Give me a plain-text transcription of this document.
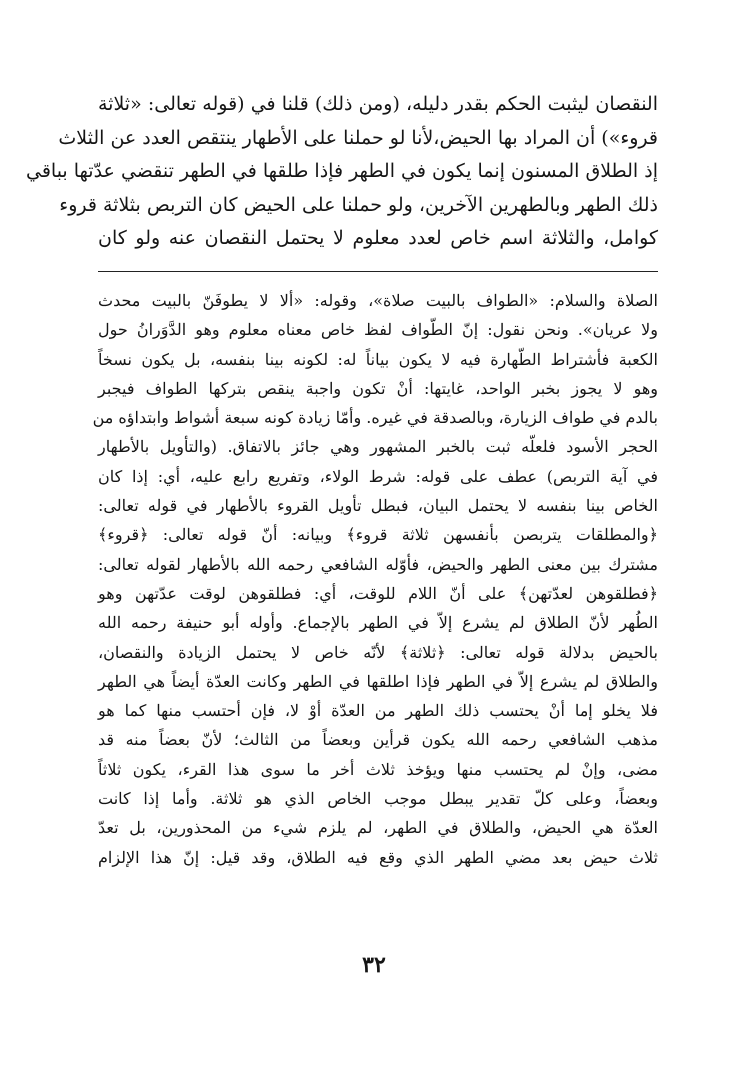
النقصان ليثبت الحكم بقدر دليله، (ومن ذلك) قلنا في (قوله تعالى: «ثلاثة
قروء») أن المراد بها الحيض،لأنا لو حملنا على الأطهار ينتقص العدد عن الثلاث
إذ الطلاق المسنون إنما يكون في الطهر فإذا طلقها في الطهر تنقضي عدّتها بباقي
ذلك الطهر وبالطهرين الآخرين، ولو حملنا على الحيض كان التربص بثلاثة قروء
كوامل، والثلاثة اسم خاص لعدد معلوم لا يحتمل النقصان عنه ولو كان
الصلاة والسلام: «الطواف بالبيت صلاة»، وقوله: «ألا لا يطوفَنّ بالبيت محدث
ولا عريان». ونحن نقول: إنّ الطّواف لفظ خاص معناه معلوم وهو الدَّوَرانُ حول
الكعبة فأشتراط الطّهارة فيه لا يكون بياناً له: لكونه بينا بنفسه، بل يكون نسخاً
وهو لا يجوز بخبر الواحد، غايتها: أنْ تكون واجبة ينقص بتركها الطواف فيجبر
بالدم في طواف الزيارة، وبالصدقة في غيره. وأمّا زيادة كونه سبعة أشواط وابتداؤه من
الحجر الأسود فلعلّه ثبت بالخبر المشهور وهي جائز بالاتفاق. (والتأويل بالأطهار
في آية التربص) عطف على قوله: شرط الولاء، وتفريع رابع عليه، أي: إذا كان
الخاص بينا بنفسه لا يحتمل البيان، فبطل تأويل القروء بالأطهار في قوله تعالى:
﴿والمطلقات يتربصن بأنفسهن ثلاثة قروء﴾ وبيانه: أنّ قوله تعالى: ﴿قروء﴾
مشترك بين معنى الطهر والحيض، فأوّله الشافعي رحمه الله بالأطهار لقوله تعالى:
﴿فطلقوهن لعدّتهن﴾ على أنّ اللام للوقت، أي: فطلقوهن لوقت عدّتهن وهو
الطُهر لأنّ الطلاق لم يشرع إلاّ في الطهر بالإجماع. وأوله أبو حنيفة رحمه الله
بالحيض بدلالة قوله تعالى: ﴿ثلاثة﴾ لأنّه خاص لا يحتمل الزيادة والنقصان،
والطلاق لم يشرع إلاّ في الطهر فإذا اطلقها في الطهر وكانت العدّة أيضاً هي الطهر
فلا يخلو إما أنْ يحتسب ذلك الطهر من العدّة أوْ لا، فإن أحتسب منها كما هو
مذهب الشافعي رحمه الله يكون قرأين وبعضاً من الثالث؛ لأنّ بعضاً منه قد
مضى، وإنْ لم يحتسب منها ويؤخذ ثلاث أخر ما سوى هذا القرء، يكون ثلاثاً
وبعضاً، وعلى كلّ تقدير يبطل موجب الخاص الذي هو ثلاثة. وأما إذا كانت
العدّة هي الحيض، والطلاق في الطهر، لم يلزم شيء من المحذورين، بل تعدّ
ثلاث حيض بعد مضي الطهر الذي وقع فيه الطلاق، وقد قيل: إنّ هذا الإلزام
٣٢
